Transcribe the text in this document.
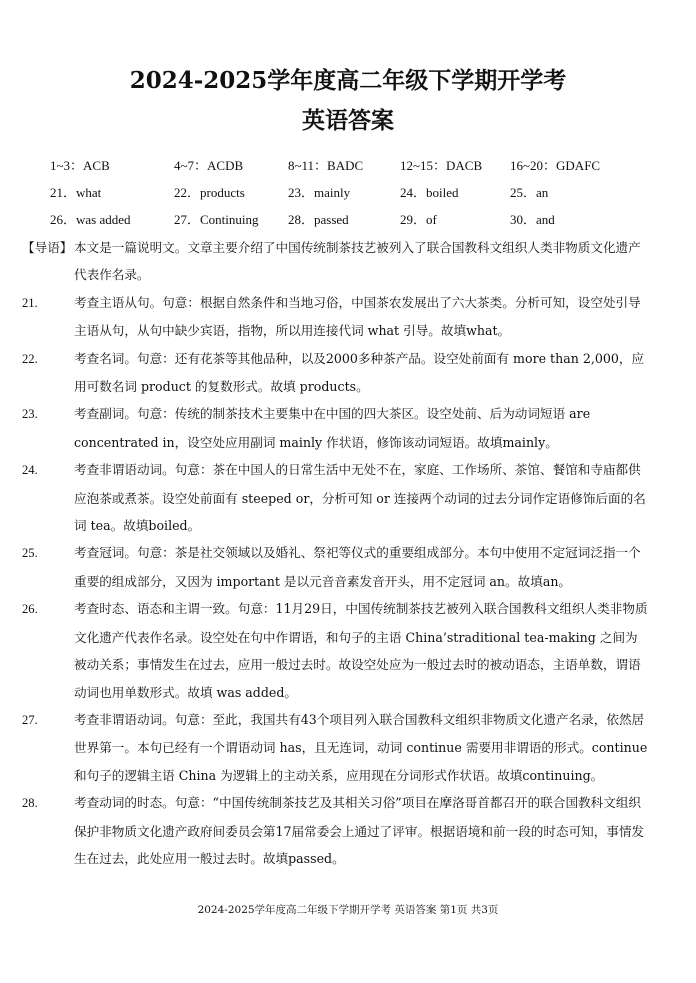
2024-2025学年度高二年级下学期开学考
英语答案
1~3：ACB	4~7：ACDB	8~11：BADC	12~15：DACB 16~20：GDAFC
21．what	22．products	23．mainly	24．boiled	25．an
26．was added	27．Continuing 28．passed	29．of	30．and
【导语】 本文是一篇说明文。文章主要介绍了中国传统制茶技艺被列入了联合国教科文组织人类非物质文化遗产代表作名录。
21.	考查主语从句。句意：根据自然条件和当地习俗，中国茶农发展出了六大茶类。分析可知，设空处引导主语从句，从句中缺少宾语，指物，所以用连接代词 what 引导。故填what。
22.	考查名词。句意：还有花茶等其他品种，以及2000多种茶产品。设空处前面有 more than 2,000，应用可数名词 product 的复数形式。故填 products。
23.	考查副词。句意：传统的制茶技术主要集中在中国的四大茶区。设空处前、后为动词短语 are concentrated in，设空处应用副词 mainly 作状语，修饰该动词短语。故填mainly。
24.	考查非谓语动词。句意：茶在中国人的日常生活中无处不在，家庭、工作场所、茶馆、餐馆和寺庙都供应泡茶或煮茶。设空处前面有 steeped or，分析可知 or 连接两个动词的过去分词作定语修饰后面的名词 tea。故填boiled。
25.	考查冠词。句意：茶是社交领域以及婚礼、祭祀等仪式的重要组成部分。本句中使用不定冠词泛指一个重要的组成部分，又因为 important 是以元音音素发音开头，用不定冠词 an。故填an。
26.	考查时态、语态和主谓一致。句意：11月29日，中国传统制茶技艺被列入联合国教科文组织人类非物质文化遗产代表作名录。设空处在句中作谓语，和句子的主语 China’straditional tea-making 之间为被动关系；事情发生在过去，应用一般过去时。故设空处应为一般过去时的被动语态，主语单数，谓语动词也用单数形式。故填 was added。
27.	考查非谓语动词。句意：至此，我国共有43个项目列入联合国教科文组织非物质文化遗产名录，依然居世界第一。本句已经有一个谓语动词 has，且无连词，动词 continue 需要用非谓语的形式。continue 和句子的逻辑主语 China 为逻辑上的主动关系，应用现在分词形式作状语。故填continuing。
28.	考查动词的时态。句意：“中国传统制茶技艺及其相关习俗”项目在摩洛哥首都召开的联合国教科文组织保护非物质文化遗产政府间委员会第17届常委会上通过了评审。根据语境和前一段的时态可知，事情发生在过去，此处应用一般过去时。故填passed。
2024-2025学年度高二年级下学期开学考 英语答案 第1页 共3页
